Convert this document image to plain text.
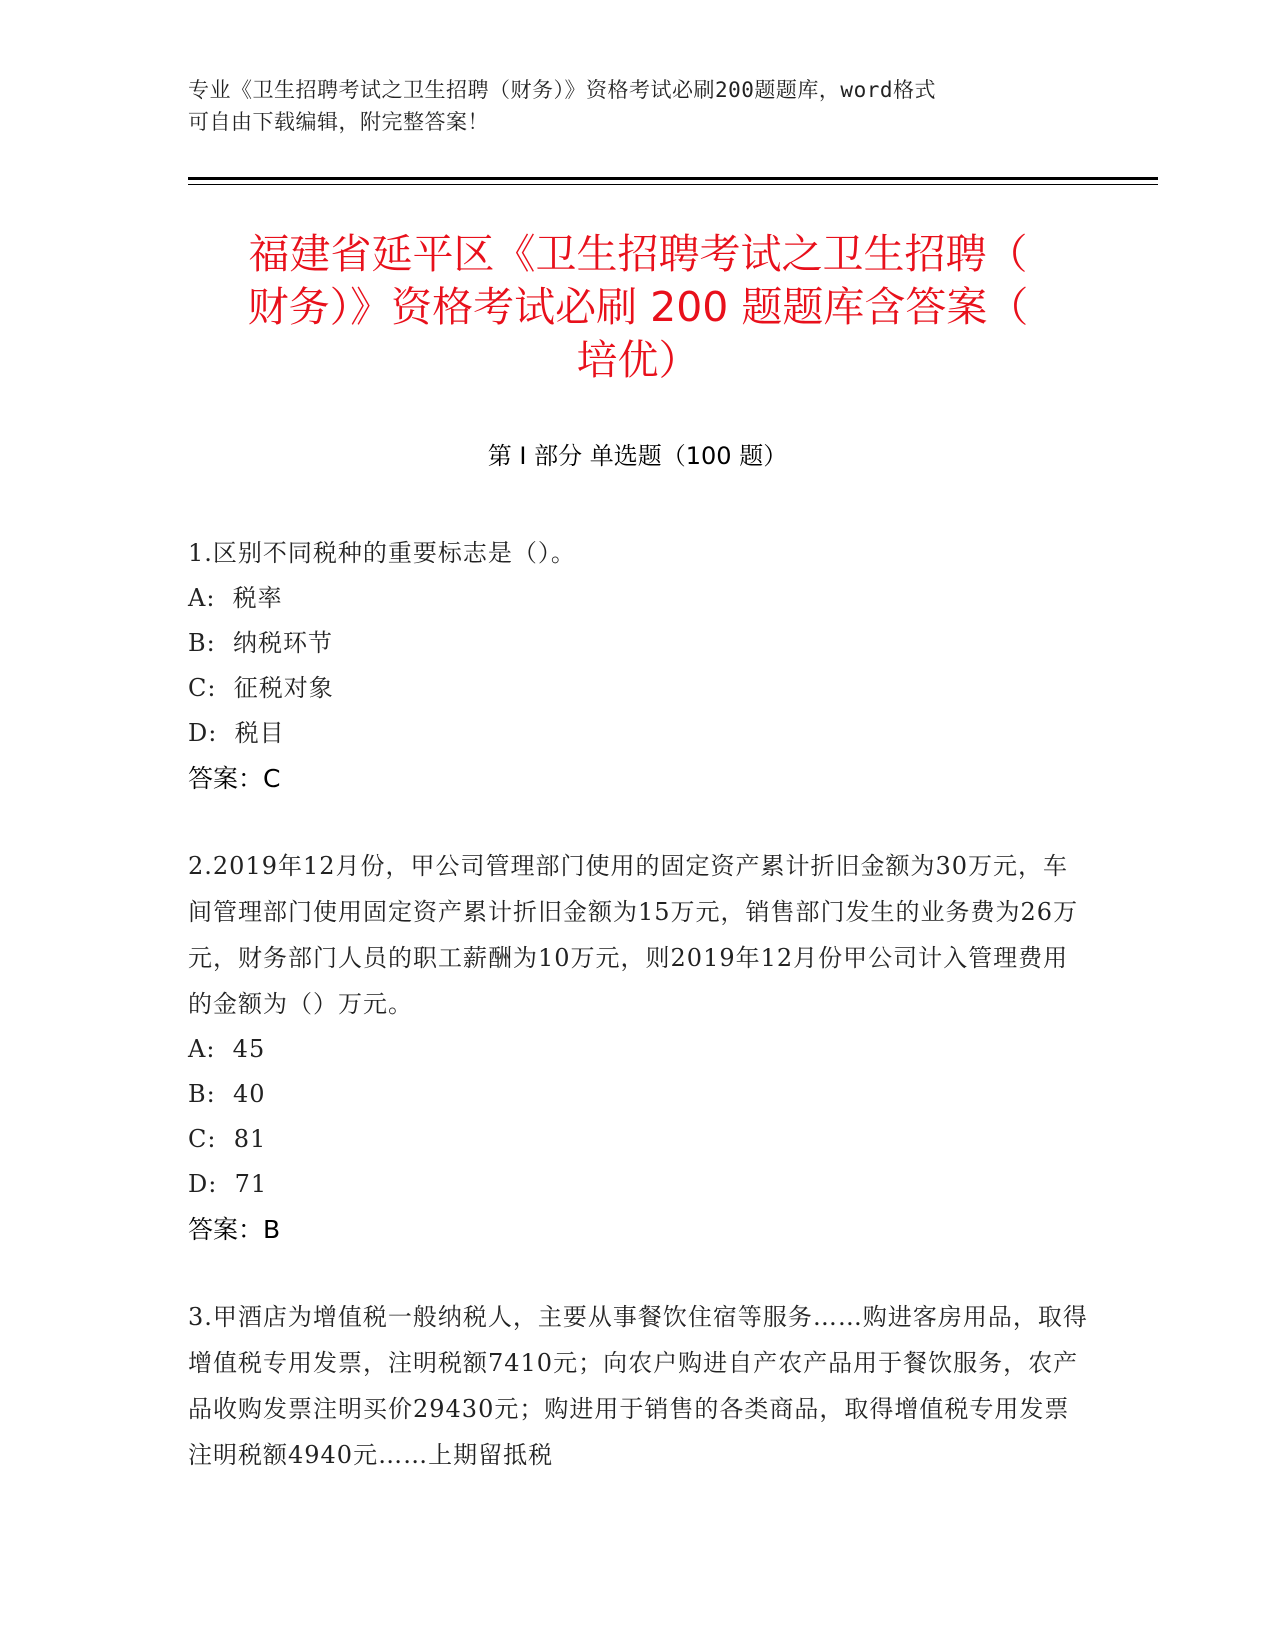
专业《卫生招聘考试之卫生招聘（财务）》资格考试必刷200题题库，word格式
可自由下载编辑，附完整答案！
福建省延平区《卫生招聘考试之卫生招聘（
财务）》资格考试必刷 200 题题库含答案（
培优）
第 I 部分 单选题（100 题）
1.区别不同税种的重要标志是（）。
A:  税率
B:  纳税环节
C:  征税对象
D:  税目
答案：C
2.2019年12月份，甲公司管理部门使用的固定资产累计折旧金额为30万元，车间管理部门使用固定资产累计折旧金额为15万元，销售部门发生的业务费为26万元，财务部门人员的职工薪酬为10万元，则2019年12月份甲公司计入管理费用的金额为（）万元。
A:  45
B:  40
C:  81
D:  71
答案：B
3.甲酒店为增值税一般纳税人，主要从事餐饮住宿等服务……购进客房用品，取得增值税专用发票，注明税额7410元；向农户购进自产农产品用于餐饮服务，农产品收购发票注明买价29430元；购进用于销售的各类商品，取得增值税专用发票注明税额4940元……上期留抵税
